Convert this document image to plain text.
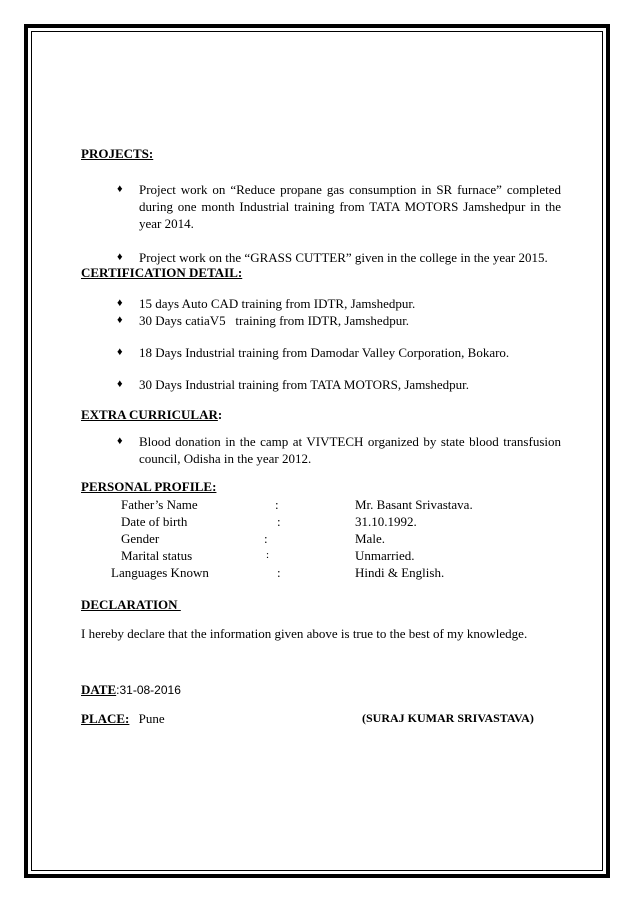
PROJECTS:

♦ Project work on “Reduce propane gas consumption in SR furnace” completed during one month Industrial training from TATA MOTORS Jamshedpur in the year 2014.
♦ Project work on the “GRASS CUTTER” given in the college in the year 2015.

CERTIFICATION DETAIL:

♦ 15 days Auto CAD training from IDTR, Jamshedpur.
♦ 30 Days catiaV5   training from IDTR, Jamshedpur.
♦ 18 Days Industrial training from Damodar Valley Corporation, Bokaro.
♦ 30 Days Industrial training from TATA MOTORS, Jamshedpur.

EXTRA CURRICULAR:

♦ Blood donation in the camp at VIVTECH organized by state blood transfusion council, Odisha in the year 2012.

PERSONAL PROFILE:

Father’s Name	:	Mr. Basant Srivastava.
Date of birth	:	31.10.1992.
Gender	:	Male.
Marital status	:	Unmarried.
Languages Known	:	Hindi & English.

DECLARATION

I hereby declare that the information given above is true to the best of my knowledge.

DATE:31-08-2016
PLACE: Pune	(SURAJ KUMAR SRIVASTAVA)
